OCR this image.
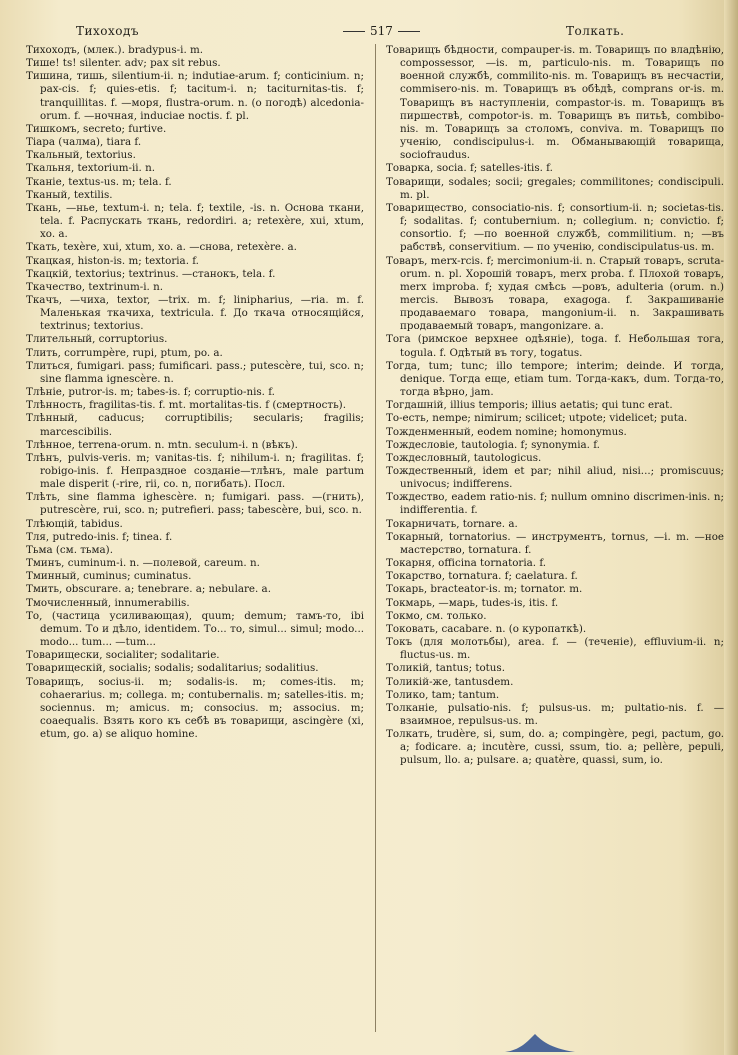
Тихоходъ	517	Толкать.

Тихоходъ, (млек.). bradypus-i. m.

Тише! ts! silenter. adv; pax sit rebus.

Тишина, тишь, silentium-ii. n; indutiae-arum. f; conticinium. n; pax-cis. f; quies-etis. f; tacitum-i. n; taciturnitas-tis. f; tranquillitas. f. —моря, flustra-orum. n. (о погодѣ) alcedonia-orum. f. —ночная, induciae noctis. f. pl.

Тишкомъ, secreto; furtive.

Тiара (чалма), tiara f.

Ткальный, textorius.

Ткальня, textorium-ii. n.

Тканiе, textus-us. m; tela. f.

Тканый, textilis.

Ткань, —ньe, textum-i. n; tela. f; textile, -is. n. Основа ткани, tela. f. Распускать ткань, redordiri. a; retexère, xui, xtum, xo. a.

Ткать, texère, xui, xtum, xo. a. —снова, retexère. a.

Ткацкая, histon-is. m; textoria. f.

Ткацкiй, textorius; textrinus. —станокъ, tela. f.

Ткачество, textrinum-i. n.

Ткачъ, —чиха, textor, —trix. m. f; linipharius, —ria. m. f. Маленькая ткачиха, textricula. f. До ткача относящiйся, textrinus; textorius.

Тлительный, corruptorius.

Тлить, corrumpère, rupi, ptum, po. a.

Тлиться, fumigari. pass; fumificari. pass.; putescère, tui, sco. n; sine flamma ignescère. n.

Тлѣнiе, putror-is. m; tabes-is. f; corruptio-nis. f.

Тлѣнность, fragilitas-tis. f. mt. mortalitas-tis. f (смертность).

Тлѣнный, caducus; corruptibilis; secularis; fragilis; marcescibilis.

Тлѣнное, terrena-orum. n. mtn. seculum-i. n (вѣкъ).

Тлѣнъ, pulvis-veris. m; vanitas-tis. f; nihilum-i. n; fragilitas. f; robigo-inis. f. Непраздное созданiе—тлѣнъ, male partum male disperit (-rire, rii, co. n, погибать). Посл.

Тлѣть, sine flamma ighescère. n; fumigari. pass. —(гнить), putrescère, rui, sco. n; putrefieri. pass; tabescère, bui, sco. n.

Тлѣющiй, tabidus.

Тля, putredo-inis. f; tinea. f.

Тьма (см. тьма).

Тминъ, cuminum-i. n. —полевой, careum. n.

Тминный, cuminus; cuminatus.

Тмить, obscurare. a; tenebrare. a; nebulare. a.

Тмочисленный, innumerabilis.

То, (частица усиливающая), quum; demum; тамъ-то, ibi demum. То и дѣло, identidem. То... то, simul... simul; modo... modo... tum... —tum...

Товарищески, socialiter; sodalitarie.

Товарищескiй, socialis; sodalis; sodalitarius; sodalitius.

Товарищъ, socius-ii. m; sodalis-is. m; comes-itis. m; cohaerarius. m; collega. m; contubernalis. m; satelles-itis. m; sociennus. m; amicus. m; consocius. m; associus. m; coaequalis. Взять кого къ себѣ въ товарищи, ascingère (xi, etum, go. a) se aliquo homine.

Товарищъ бѣдности, compauper-is. m. Товарищъ по владѣнiю, compossessor, —is. m, particulo-nis. m. Товарищъ по военной службѣ, commilito-nis. m. Товарищъ въ несчастiи, commisero-nis. m. Товарищъ въ обѣдѣ, comprans or-is. m. Товарищъ въ наступленiи, compastor-is. m. Товарищъ въ пиршествѣ, compotor-is. m. Товарищъ въ питьѣ, combibo-nis. m. Товарищъ за столомъ, conviva. m. Товарищъ по ученiю, condiscipulus-i. m. Обманывающiй товарища, sociofraudus.

Товарка, socia. f; satelles-itis. f.

Товарищи, sodales; socii; gregales; commilitones; condiscipuli. m. pl.

Товарищество, consociatio-nis. f; consortium-ii. n; societas-tis. f; sodalitas. f; contubernium. n; collegium. n; convictio. f; consortio. f; —по военной службѣ, commilitium. n; —въ рабствѣ, conservitium. — по ученiю, condiscipulatus-us. m.

Товаръ, merx-rcis. f; mercimonium-ii. n. Старый товаръ, scruta-orum. n. pl. Хорошiй товаръ, merx proba. f. Плохой товаръ, merx improba. f; худая смѣсь —ровъ, adulteria (orum. n.) mercis. Вывозъ товара, exagoga. f. Закрашиванiе продаваемаго товара, mangonium-ii. n. Закрашивать продаваемый товаръ, mangonizare. a.

Тога (римское верхнее одѣянiе), toga. f. Небольшая тога, togula. f. Одѣтый въ тогу, togatus.

Тогда, tum; tunc; illo tempore; interim; deinde. И тогда, denique. Тогда еще, etiam tum. Тогда-какъ, dum. Тогда-то, тогда вѣрно, jam.

Тогдашнiй, illius temporis; illius aetatis; qui tunc erat.

То-есть, nempe; nimirum; scilicet; utpote; videlicet; puta.

Тожденменный, eodem nomine; homonymus.

Тождесловiе, tautologia. f; synonymia. f.

Тождесловный, tautologicus.

Тождественный, idem et par; nihil aliud, nisi...; promiscuus; univocus; indifferens.

Тождество, eadem ratio-nis. f; nullum omnino discrimen-inis. n; indifferentia. f.

Токарничать, tornare. a.

Токарный, tornatorius. — инструментъ, tornus, —i. m. —ное мастерство, tornatura. f.

Токарня, officina tornatoria. f.

Токарство, tornatura. f; caelatura. f.

Токарь, bracteator-is. m; tornator. m.

Токмарь, —марь, tudes-is, itis. f.

Токмо, см. только.

Токовать, cacabare. n. (о куропаткѣ).

Токъ (для молотьбы), area. f. — (теченiе), effluvium-ii. n; fluctus-us. m.

Толикiй, tantus; totus.

Толикiй-же, tantusdem.

Толико, tam; tantum.

Толканiе, pulsatio-nis. f; pulsus-us. m; pultatio-nis. f. — взаимное, repulsus-us. m.

Толкать, trudère, si, sum, do. a; compingère, pegi, pactum, go. a; fodicare. a; incutère, cussi, ssum, tio. a; pellère, pepuli, pulsum, llo. a; pulsare. a; quatère, quassi, sum, io.
